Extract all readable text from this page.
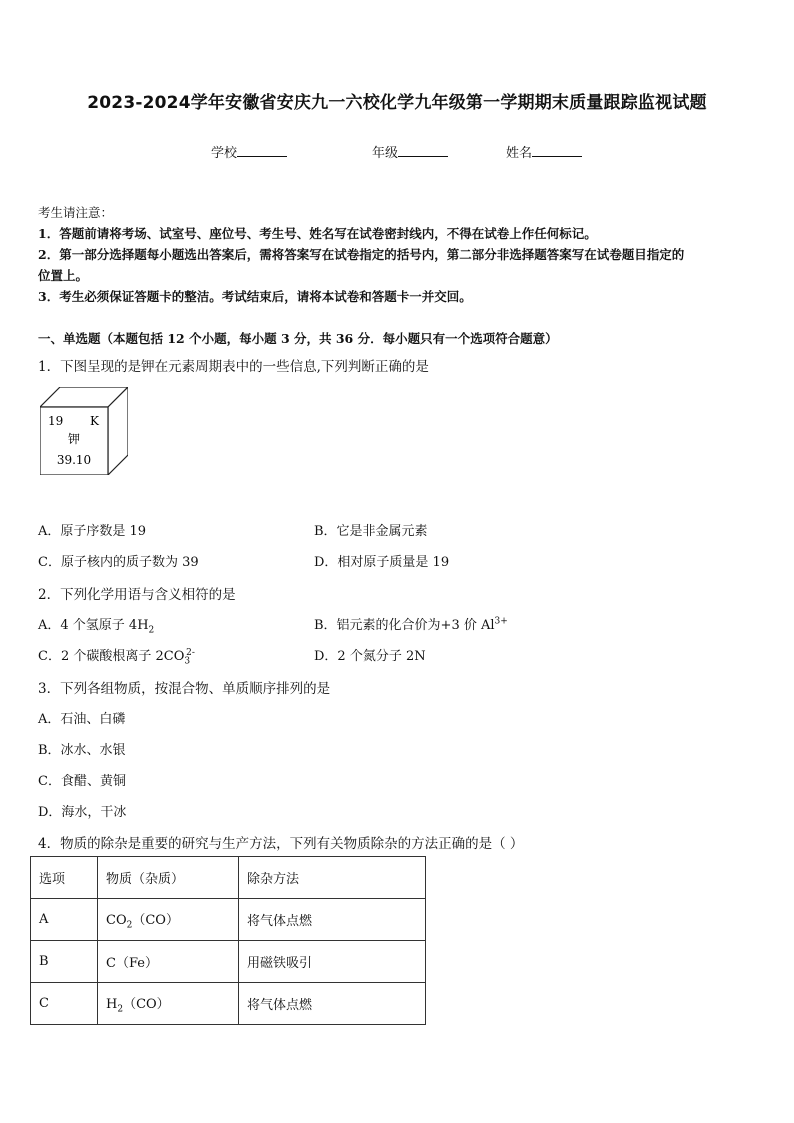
2023-2024学年安徽省安庆九一六校化学九年级第一学期期末质量跟踪监视试题
学校	年级	姓名
考生请注意：
1．答题前请将考场、试室号、座位号、考生号、姓名写在试卷密封线内，不得在试卷上作任何标记。
2．第一部分选择题每小题选出答案后，需将答案写在试卷指定的括号内，第二部分非选择题答案写在试卷题目指定的
位置上。
3．考生必须保证答题卡的整洁。考试结束后，请将本试卷和答题卡一并交回。
一、单选题（本题包括 12 个小题，每小题 3 分，共 36 分．每小题只有一个选项符合题意）
1．下图呈现的是钾在元素周期表中的一些信息,下列判断正确的是
19 K
钾
39.10
A．原子序数是 19	B．它是非金属元素
C．原子核内的质子数为 39	D．相对原子质量是 19
2．下列化学用语与含义相符的是
A．4 个氢原子 $4H_2$	B．铝元素的化合价为+3 价 $Al^{3+}$
C．2 个碳酸根离子 $2CO_3^{2-}$	D．2 个氮分子 2N
3．下列各组物质，按混合物、单质顺序排列的是
A．石油、白磷
B．冰水、水银
C．食醋、黄铜
D．海水，干冰
4．物质的除杂是重要的研究与生产方法，下列有关物质除杂的方法正确的是（ ）
选项	物质（杂质）	除杂方法
A	$CO_2(CO)$	将气体点燃
B	C（Fe）	用磁铁吸引
C	$H_2(CO)$	将气体点燃
